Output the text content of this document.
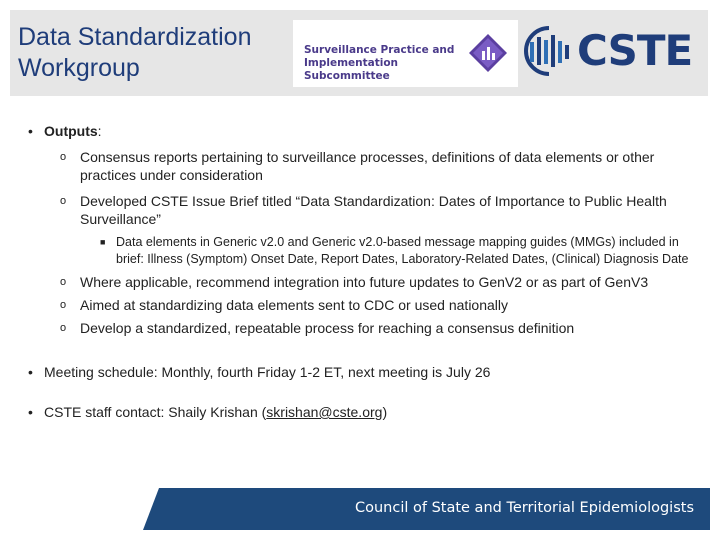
Data Standardization
Workgroup
Surveillance Practice and
Implementation Subcommittee
CSTE
• Outputs:
o Consensus reports pertaining to surveillance processes, definitions of data elements or other practices under consideration
o Developed CSTE Issue Brief titled “Data Standardization: Dates of Importance to Public Health Surveillance”
■ Data elements in Generic v2.0 and Generic v2.0-based message mapping guides (MMGs) included in brief: Illness (Symptom) Onset Date, Report Dates, Laboratory-Related Dates, (Clinical) Diagnosis Date
o Where applicable, recommend integration into future updates to GenV2 or as part of GenV3
o Aimed at standardizing data elements sent to CDC or used nationally
o Develop a standardized, repeatable process for reaching a consensus definition
• Meeting schedule: Monthly, fourth Friday 1-2 ET, next meeting is July 26
• CSTE staff contact: Shaily Krishan (skrishan@cste.org)
Council of State and Territorial Epidemiologists
